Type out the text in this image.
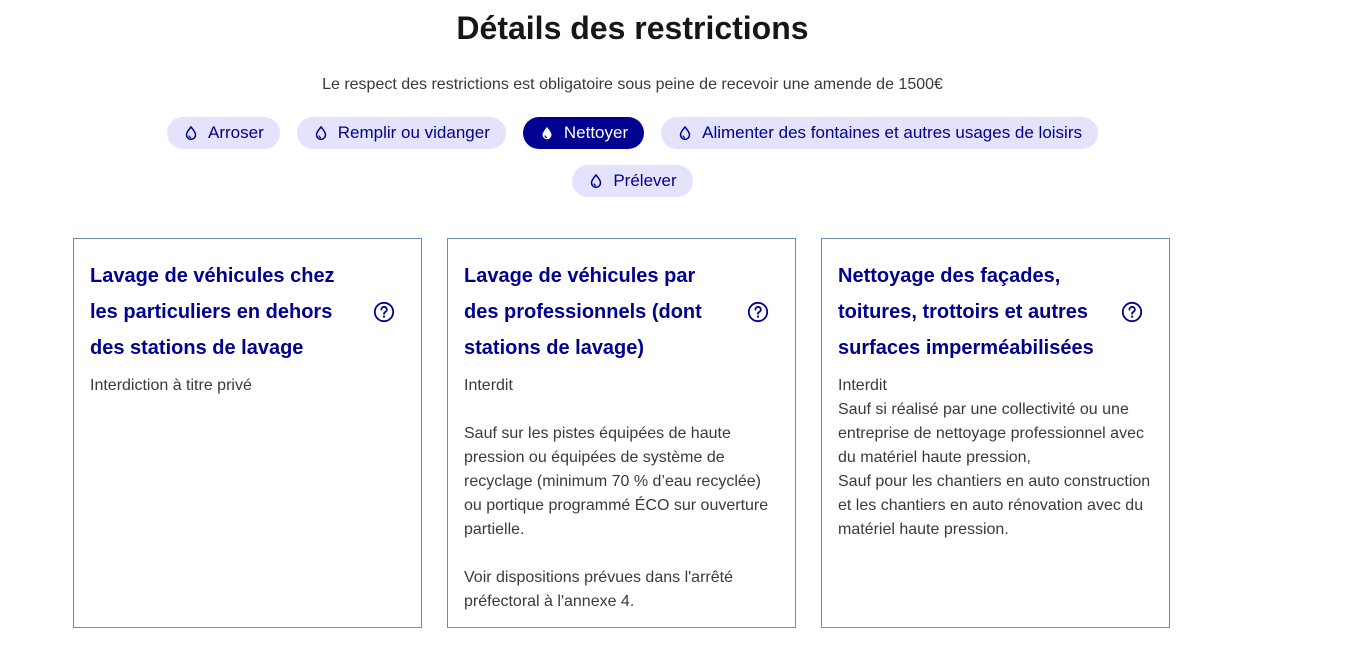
Détails des restrictions
Le respect des restrictions est obligatoire sous peine de recevoir une amende de 1500€
Arroser	Remplir ou vidanger	Nettoyer	Alimenter des fontaines et autres usages de loisirs
Prélever
Lavage de véhicules chez les particuliers en dehors des stations de lavage

Interdiction à titre privé

Lavage de véhicules par des professionnels (dont stations de lavage)

Interdit

Sauf sur les pistes équipées de haute pression ou équipées de système de recyclage (minimum 70 % d’eau recyclée) ou portique programmé ÉCO sur ouverture partielle.

Voir dispositions prévues dans l'arrêté préfectoral à l'annexe 4.

Nettoyage des façades, toitures, trottoirs et autres surfaces imperméabilisées

Interdit

Sauf si réalisé par une collectivité ou une entreprise de nettoyage professionnel avec du matériel haute pression,

Sauf pour les chantiers en auto construction et les chantiers en auto rénovation avec du matériel haute pression.
